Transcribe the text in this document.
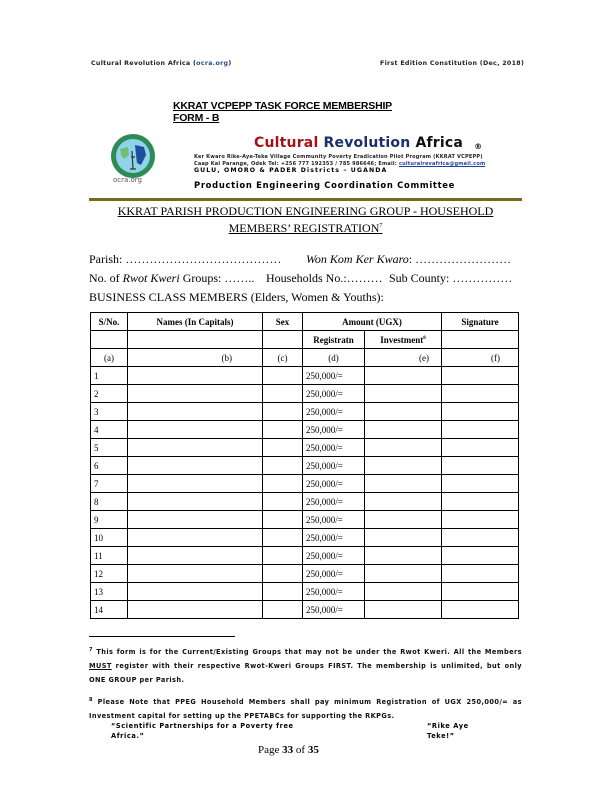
Cultural Revolution Africa (ocra.org)	First Edition Constitution (Dec, 2018)
KKRAT VCPEPP TASK FORCE MEMBERSHIP
FORM - B
ocra.org
Cultural Revolution Africa ®
Ker Kwaro Rike-Aye-Teke Village Community Poverty Eradication Pilot Program (KKRAT VCPEPP)
Caap Kal Parange, Odek Tel: +256 777 192353 / 785 986646; Email: culturalrevafrica@gmail.com
GULU, OMORO & PADER Districts – UGANDA
Production Engineering Coordination Committee
KKRAT PARISH PRODUCTION ENGINEERING GROUP - HOUSEHOLD
MEMBERS’ REGISTRATION$^7$
Parish: ………………………………… Won Kom Ker Kwaro: ……………………
No. of Rwot Kweri Groups: …….. Households No.:……… Sub County: ……………
BUSINESS CLASS MEMBERS (Elders, Women & Youths):
S/No.	Names (In Capitals)	Sex	Amount (UGX)		Signature
			Registratn	Investment$^8$	
(a)	(b)	(c)	(d)	(e)	(f)
1			250,000/=		
2			250,000/=		
3			250,000/=		
4			250,000/=		
5			250,000/=		
6			250,000/=		
7			250,000/=		
8			250,000/=		
9			250,000/=		
10			250,000/=		
11			250,000/=		
12			250,000/=		
13			250,000/=		
14			250,000/=		
$^7$ This form is for the Current/Existing Groups that may not be under the Rwot Kweri. All the Members MUST register with their respective Rwot-Kweri Groups FIRST. The membership is unlimited, but only ONE GROUP per Parish.
$^8$ Please Note that PPEG Household Members shall pay minimum Registration of UGX 250,000/= as Investment capital for setting up the PPETABCs for supporting the RKPGs.
“Scientific Partnerships for a Poverty free
Africa.”
“Rike Aye
Teke!”
Page 33 of 35
